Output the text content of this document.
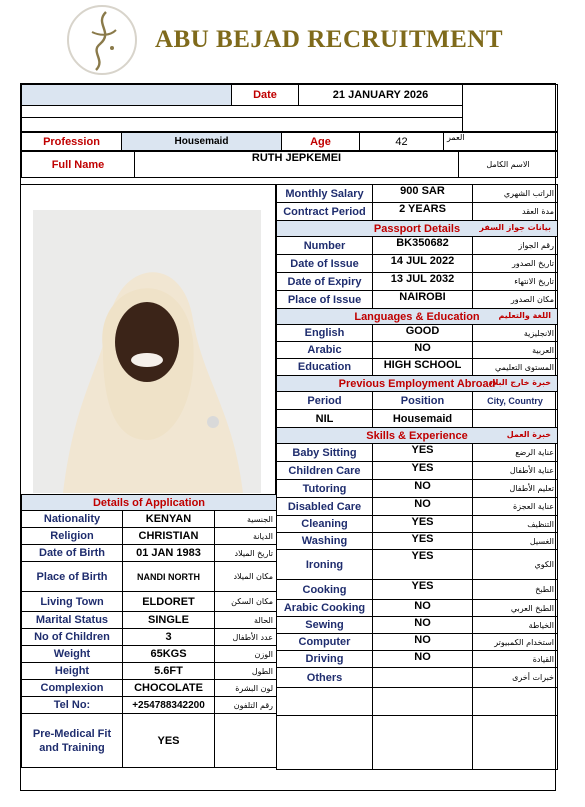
ABU BEJAD RECRUITMENT
	Date	21 JANUARY 2026	

Profession	Housemaid	Age	42	العمر
Full Name	RUTH JEPKEMEI	الاسم الكامل
Details of Application		
Nationality	KENYAN	الجنسية
Religion	CHRISTIAN	الديانة
Date of Birth	01 JAN 1983	تاريخ الميلاد
Place of Birth	NANDI NORTH	مكان الميلاد
Living Town	ELDORET	مكان السكن
Marital Status	SINGLE	الحالة
No of Children	3	عدد الأطفال
Weight	65KGS	الوزن
Height	5.6FT	الطول
Complexion	CHOCOLATE	لون البشرة
Tel No:	+254788342200	رقم التلفون
Pre-Medical Fit and Training	YES	
Monthly Salary	900 SAR	الراتب الشهري
Contract Period	2 YEARS	مدة العقد
Passport Details بيانات جواز السفر		

Number	BK350682	رقم الجواز
Date of Issue	14 JUL 2022	تاريخ الصدور
Date of Expiry	13 JUL 2032	تاريخ الانتهاء
Place of Issue	NAIROBI	مكان الصدور
Languages & Education اللغة والتعليم		

English	GOOD	الانجليزية
Arabic	NO	العربية
Education	HIGH SCHOOL	المستوى التعليمي
Previous Employment Abroad
خبرة خارج البلاد		

Period	Position	City, Country
NIL	Housemaid	
Skills & Experience خبرة العمل		

Baby Sitting	YES	عناية الرضع
Children Care	YES	عناية الأطفال
Tutoring	NO	تعليم الأطفال
Disabled Care	NO	عناية العجزة
Cleaning	YES	التنظيف
Washing	YES	الغسيل
Ironing	YES	الكوي
Cooking	YES	الطبخ
Arabic Cooking	NO	الطبخ العربي
Sewing	NO	الخياطة
Computer	NO	استخدام الكمبيوتر
Driving	NO	القيادة
Others		خبرات أخرى
